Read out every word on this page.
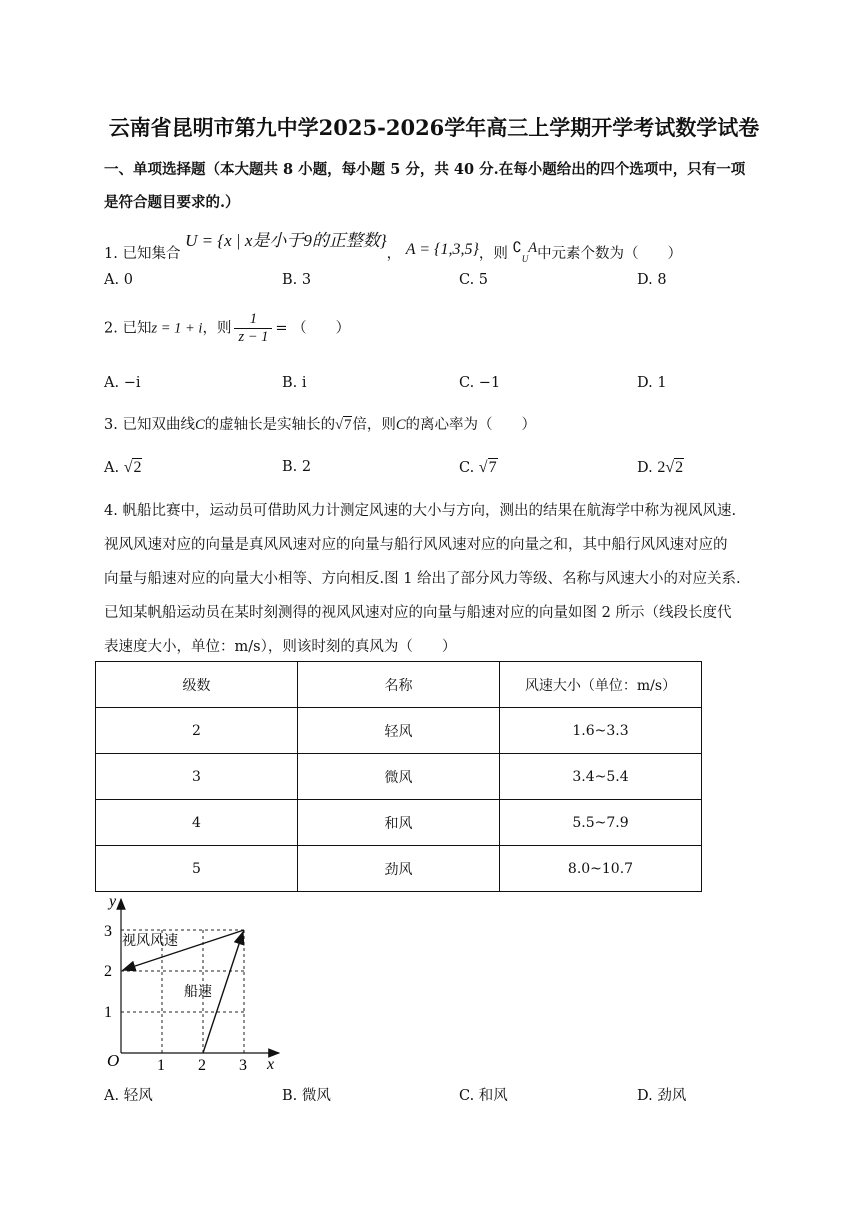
云南省昆明市第九中学2025-2026学年高三上学期开学考试数学试卷
一、单项选择题（本大题共 8 小题，每小题 5 分，共 40 分.在每小题给出的四个选项中，只有一项
是符合题目要求的.）
1. 已知集合 U = {x | x是小于9的正整数}， A = {1,3,5}，则 $∁_UA$中元素个数为（　　）
A. 0	B. 3	C. 5	D. 8
2. 已知z = 1 + i，则 $\frac{1}{z - 1}$ = （　　）
A. −i	B. i	C. −1	D. 1
3. 已知双曲线C的虚轴长是实轴长的√7倍，则C的离心率为（　　）
A. √2	B. 2	C. √7	D. 2√2
4. 帆船比赛中，运动员可借助风力计测定风速的大小与方向，测出的结果在航海学中称为视风风速.
视风风速对应的向量是真风风速对应的向量与船行风风速对应的向量之和，其中船行风风速对应的
向量与船速对应的向量大小相等、方向相反.图 1 给出了部分风力等级、名称与风速大小的对应关系.
已知某帆船运动员在某时刻测得的视风风速对应的向量与船速对应的向量如图 2 所示（线段长度代
表速度大小，单位：m/s），则该时刻的真风为（　　）
级数	名称	风速大小（单位：m/s）
2	轻风	1.6~3.3
3	微风	3.4~5.4
4	和风	5.5~7.9
5	劲风	8.0~10.7
y
x
O 1 2 3
1
2
3
视风风速
船速
A. 轻风	B. 微风	C. 和风	D. 劲风
